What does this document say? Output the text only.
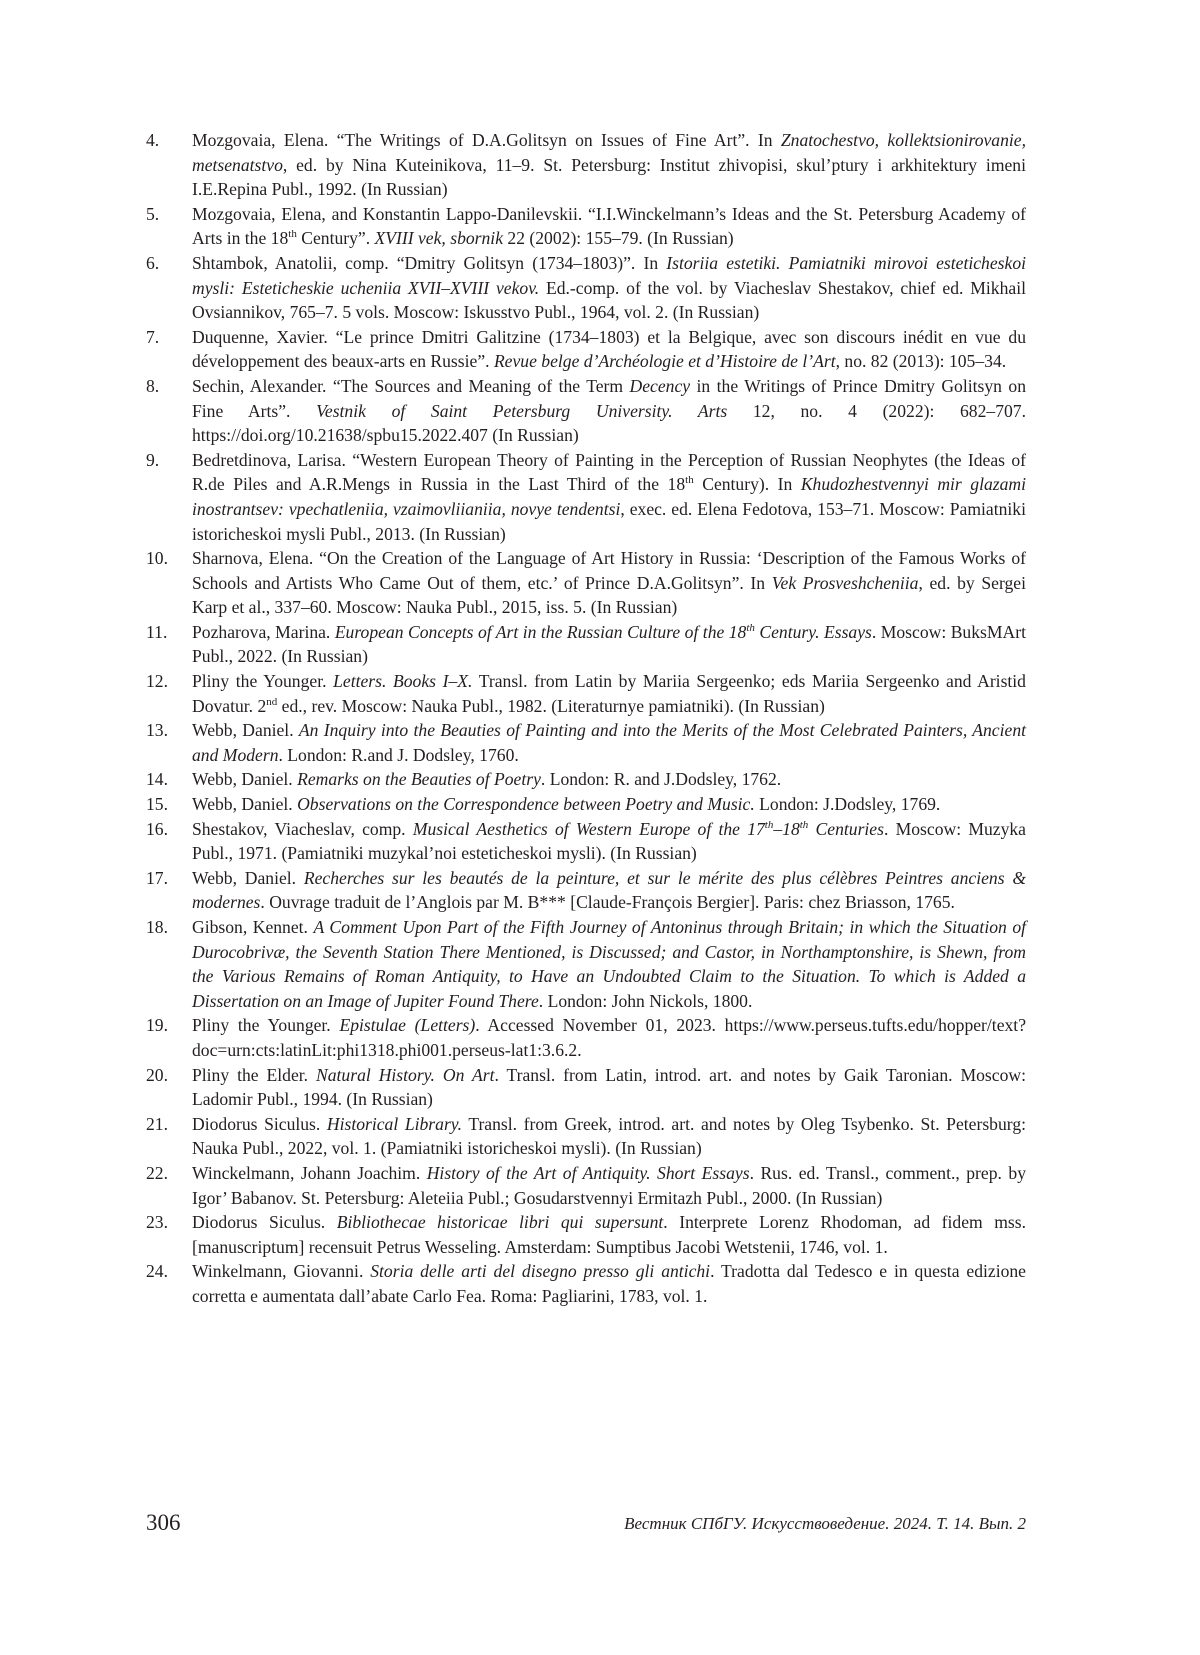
4.	Mozgovaia, Elena. “The Writings of D.A.Golitsyn on Issues of Fine Art”. In Znatochestvo, kollektsionirovanie, metsenatstvo, ed. by Nina Kuteinikova, 11–9. St. Petersburg: Institut zhivopisi, skul’ptury i arkhitektury imeni I.E.Repina Publ., 1992. (In Russian)
5.	Mozgovaia, Elena, and Konstantin Lappo-Danilevskii. “I.I.Winckelmann’s Ideas and the St. Petersburg Academy of Arts in the 18th Century”. XVIII vek, sbornik 22 (2002): 155–79. (In Russian)
6.	Shtambok, Anatolii, comp. “Dmitry Golitsyn (1734–1803)”. In Istoriia estetiki. Pamiatniki mirovoi esteticheskoi mysli: Esteticheskie ucheniia XVII–XVIII vekov. Ed.-comp. of the vol. by Viacheslav Shestakov, chief ed. Mikhail Ovsiannikov, 765–7. 5 vols. Moscow: Iskusstvo Publ., 1964, vol. 2. (In Russian)
7.	Duquenne, Xavier. “Le prince Dmitri Galitzine (1734–1803) et la Belgique, avec son discours inédit en vue du développement des beaux-arts en Russie”. Revue belge d’Archéologie et d’Histoire de l’Art, no. 82 (2013): 105–34.
8.	Sechin, Alexander. “The Sources and Meaning of the Term Decency in the Writings of Prince Dmitry Golitsyn on Fine Arts”. Vestnik of Saint Petersburg University. Arts 12, no. 4 (2022): 682–707. https://doi.org/10.21638/spbu15.2022.407 (In Russian)
9.	Bedretdinova, Larisa. “Western European Theory of Painting in the Perception of Russian Neophytes (the Ideas of R.de Piles and A.R.Mengs in Russia in the Last Third of the 18th Century). In Khudozhestvennyi mir glazami inostrantsev: vpechatleniia, vzaimovliianiia, novye tendentsi, exec. ed. Elena Fedotova, 153–71. Moscow: Pamiatniki istoricheskoi mysli Publ., 2013. (In Russian)
10.	Sharnova, Elena. “On the Creation of the Language of Art History in Russia: ‘Description of the Famous Works of Schools and Artists Who Came Out of them, etc.’ of Prince D.A.Golitsyn”. In Vek Prosveshcheniia, ed. by Sergei Karp et al., 337–60. Moscow: Nauka Publ., 2015, iss. 5. (In Russian)
11.	Pozharova, Marina. European Concepts of Art in the Russian Culture of the 18th Century. Essays. Moscow: BuksMArt Publ., 2022. (In Russian)
12.	Pliny the Younger. Letters. Books I–X. Transl. from Latin by Mariia Sergeenko; eds Mariia Sergeenko and Aristid Dovatur. 2nd ed., rev. Moscow: Nauka Publ., 1982. (Literaturnye pamiatniki). (In Russian)
13.	Webb, Daniel. An Inquiry into the Beauties of Painting and into the Merits of the Most Celebrated Painters, Ancient and Modern. London: R.and J. Dodsley, 1760.
14.	Webb, Daniel. Remarks on the Beauties of Poetry. London: R. and J.Dodsley, 1762.
15.	Webb, Daniel. Observations on the Correspondence between Poetry and Music. London: J.Dodsley, 1769.
16.	Shestakov, Viacheslav, comp. Musical Aesthetics of Western Europe of the 17th–18th Centuries. Moscow: Muzyka Publ., 1971. (Pamiatniki muzykal’noi esteticheskoi mysli). (In Russian)
17.	Webb, Daniel. Recherches sur les beautés de la peinture, et sur le mérite des plus célèbres Peintres anciens & modernes. Ouvrage traduit de l’Anglois par M. B*** [Claude-François Bergier]. Paris: chez Briasson, 1765.
18.	Gibson, Kennet. A Comment Upon Part of the Fifth Journey of Antoninus through Britain; in which the Situation of Durocobrivæ, the Seventh Station There Mentioned, is Discussed; and Castor, in Northamptonshire, is Shewn, from the Various Remains of Roman Antiquity, to Have an Undoubted Claim to the Situation. To which is Added a Dissertation on an Image of Jupiter Found There. London: John Nickols, 1800.
19.	Pliny the Younger. Epistulae (Letters). Accessed November 01, 2023. https://www.perseus.tufts.edu/hopper/text?doc=urn:cts:latinLit:phi1318.phi001.perseus-lat1:3.6.2.
20.	Pliny the Elder. Natural History. On Art. Transl. from Latin, introd. art. and notes by Gaik Taronian. Moscow: Ladomir Publ., 1994. (In Russian)
21.	Diodorus Siculus. Historical Library. Transl. from Greek, introd. art. and notes by Oleg Tsybenko. St. Petersburg: Nauka Publ., 2022, vol. 1. (Pamiatniki istoricheskoi mysli). (In Russian)
22.	Winckelmann, Johann Joachim. History of the Art of Antiquity. Short Essays. Rus. ed. Transl., comment., prep. by Igor’ Babanov. St. Petersburg: Aleteiia Publ.; Gosudarstvennyi Ermitazh Publ., 2000. (In Russian)
23.	Diodorus Siculus. Bibliothecae historicae libri qui supersunt. Interprete Lorenz Rhodoman, ad fidem mss. [manuscriptum] recensuit Petrus Wesseling. Amsterdam: Sumptibus Jacobi Wetstenii, 1746, vol. 1.
24.	Winkelmann, Giovanni. Storia delle arti del disegno presso gli antichi. Tradotta dal Tedesco e in questa edizione corretta e aumentata dall’abate Carlo Fea. Roma: Pagliarini, 1783, vol. 1.
306	Вестник СПбГУ. Искусствоведение. 2024. Т. 14. Вып. 2
